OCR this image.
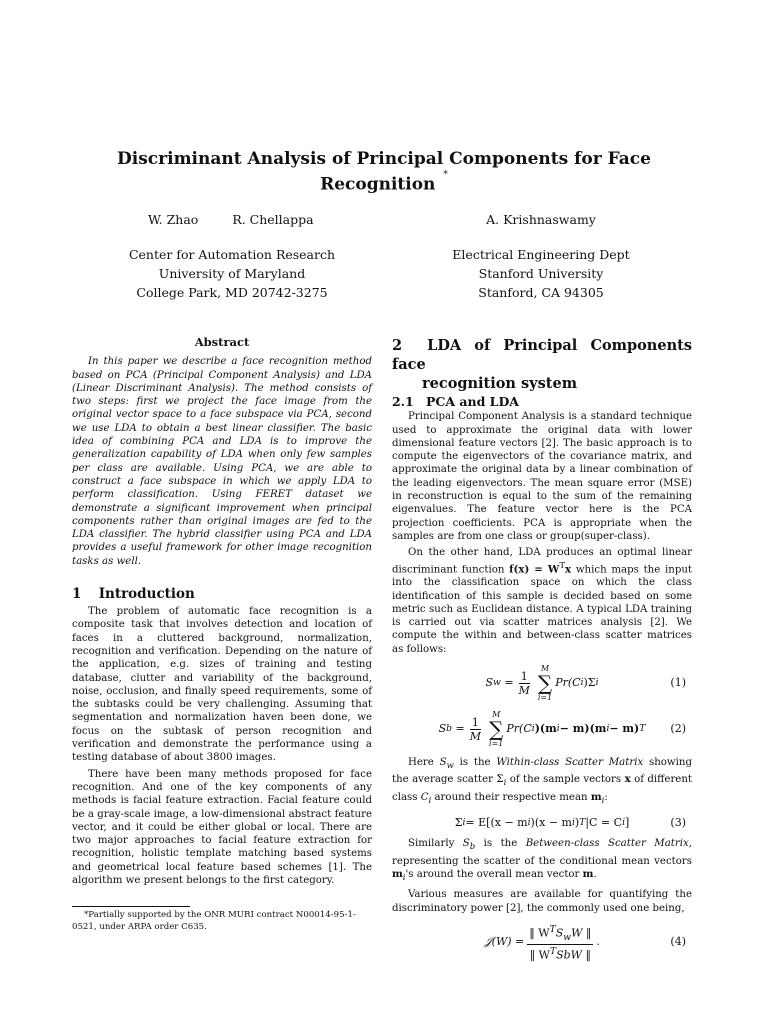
Discriminant Analysis of Principal Components for Face
Recognition *
W. Zhao	R. Chellappa
Center for Automation Research
University of Maryland
College Park, MD 20742-3275
A. Krishnaswamy
Electrical Engineering Dept
Stanford University
Stanford, CA 94305
Abstract
In this paper we describe a face recognition method based on PCA (Principal Component Analysis) and LDA (Linear Discriminant Analysis). The method consists of two steps: first we project the face image from the original vector space to a face subspace via PCA, second we use LDA to obtain a best linear classifier. The basic idea of combining PCA and LDA is to improve the generalization capability of LDA when only few samples per class are available. Using PCA, we are able to construct a face subspace in which we apply LDA to perform classification. Using FERET dataset we demonstrate a significant improvement when principal components rather than original images are fed to the LDA classifier. The hybrid classifier using PCA and LDA provides a useful framework for other image recognition tasks as well.
1 Introduction

The problem of automatic face recognition is a composite task that involves detection and location of faces in a cluttered background, normalization, recognition and verification. Depending on the nature of the application, e.g. sizes of training and testing database, clutter and variability of the background, noise, occlusion, and finally speed requirements, some of the subtasks could be very challenging. Assuming that segmentation and normalization haven been done, we focus on the subtask of person recognition and verification and demonstrate the performance using a testing database of about 3800 images.

There have been many methods proposed for face recognition. And one of the key components of any methods is facial feature extraction. Facial feature could be a gray-scale image, a low-dimensional abstract feature vector, and it could be either global or local. There are two major approaches to facial feature extraction for recognition, holistic template matching based systems and geometrical local feature based schemes [1]. The algorithm we present belongs to the first category.

*Partially supported by the ONR MURI contract N00014-95-1-0521, under ARPA order C635.
2 LDA of Principal Components face
recognition system
2.1 PCA and LDA

Principal Component Analysis is a standard technique used to approximate the original data with lower dimensional feature vectors [2]. The basic approach is to compute the eigenvectors of the covariance matrix, and approximate the original data by a linear combination of the leading eigenvectors. The mean square error (MSE) in reconstruction is equal to the sum of the remaining eigenvalues. The feature vector here is the PCA projection coefficients. PCA is appropriate when the samples are from one class or group(super-class).

On the other hand, LDA produces an optimal linear discriminant function $f(x) = W^Tx$ which maps the input into the classification space on which the class identification of this sample is decided based on some metric such as Euclidean distance. A typical LDA training is carried out via scatter matrices analysis [2]. We compute the within and between-class scatter matrices as follows:

S $w = \frac{1}{M}$
M
∑
i=1
Pr(C i )Σ i	(1)
S $b = \frac{1}{M}$
M
∑
i=1
Pr(C i )(m i − m)(m i − m) T (2)

Here $S_w$ is the Within-class Scatter Matrix showing the average scatter $\Sigma_i$ of the sample vectors x of different class $C_i$ around their respective mean $m_i$:

Σ i = E[(x − m i )(x − m i ) T |C = C i ]	(3)

Similarly $S_b$ is the Between-class Scatter Matrix, representing the scatter of the conditional mean vectors $m_i's$ around the overall mean vector m.

Various measures are available for quantifying the discriminatory power [2], the commonly used one being,

𝒥(W) = $\frac{‖ W^TS_wW ‖}{‖ W^TSbW ‖}$ .	(4)
